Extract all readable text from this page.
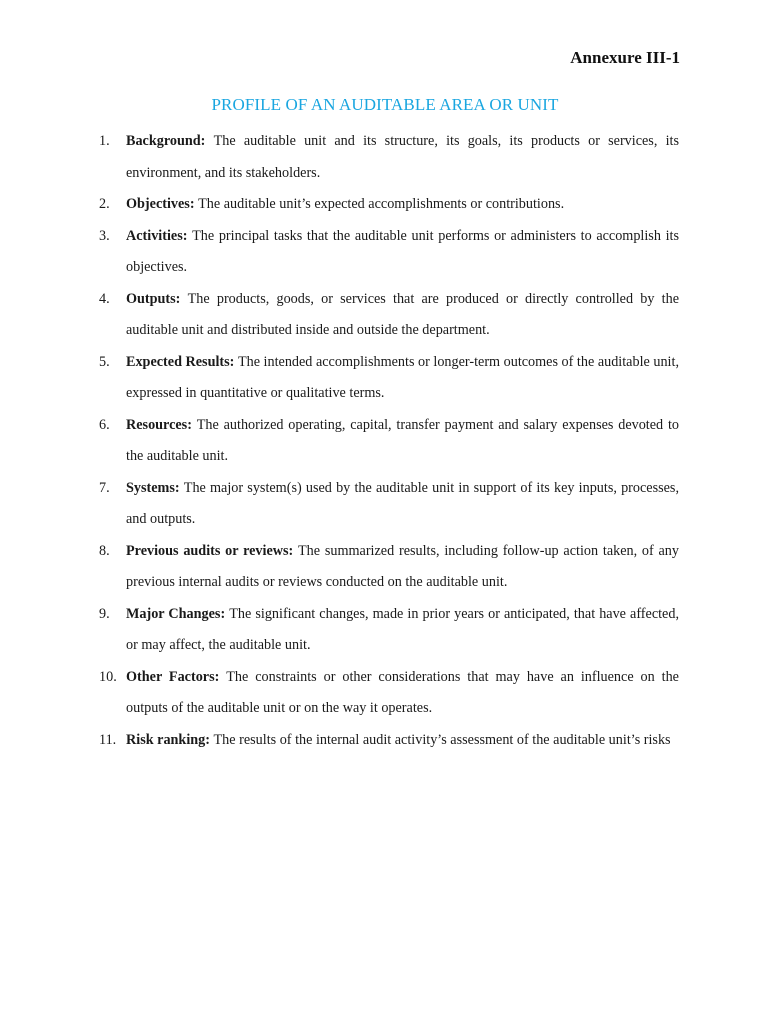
Annexure III-1

PROFILE OF AN AUDITABLE AREA OR UNIT
1.	Background: The auditable unit and its structure, its goals, its products or services, its environment, and its stakeholders.
2.	Objectives: The auditable unit’s expected accomplishments or contributions.
3.	Activities: The principal tasks that the auditable unit performs or administers to accomplish its objectives.
4.	Outputs: The products, goods, or services that are produced or directly controlled by the auditable unit and distributed inside and outside the department.
5.	Expected Results: The intended accomplishments or longer-term outcomes of the auditable unit, expressed in quantitative or qualitative terms.
6.	Resources: The authorized operating, capital, transfer payment and salary expenses devoted to the auditable unit.
7.	Systems: The major system(s) used by the auditable unit in support of its key inputs, processes, and outputs.
8.	Previous audits or reviews: The summarized results, including follow-up action taken, of any previous internal audits or reviews conducted on the auditable unit.
9.	Major Changes: The significant changes, made in prior years or anticipated, that have affected, or may affect, the auditable unit.
10. Other Factors: The constraints or other considerations that may have an influence on the outputs of the auditable unit or on the way it operates.
11. Risk ranking: The results of the internal audit activity’s assessment of the auditable unit’s risks
